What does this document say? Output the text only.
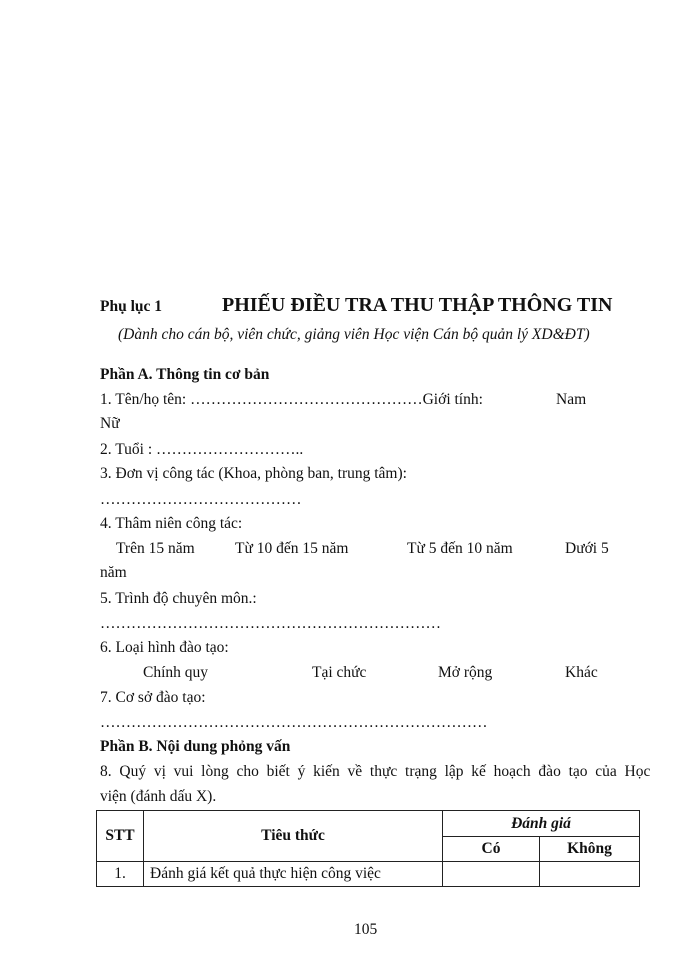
Phụ lục 1	PHIẾU ĐIỀU TRA THU THẬP THÔNG TIN
(Dành cho cán bộ, viên chức, giảng viên Học viện Cán bộ quản lý XD&ĐT)
Phần A. Thông tin cơ bản
1. Tên/họ tên: ………………………………………Giới tính:	Nam
Nữ
2. Tuổi : ………………………..
3. Đơn vị công tác (Khoa, phòng ban, trung tâm):
…………………………………
4. Thâm niên công tác:
Trên 15 năm	Từ 10 đến 15 năm	Từ 5 đến 10 năm	Dưới 5
năm
5. Trình độ chuyên môn.:
…………………………………………………………
6. Loại hình đào tạo:
Chính quy	Tại chức	Mở rộng	Khác
7. Cơ sở đào tạo:
…………………………………………………………………
Phần B. Nội dung phỏng vấn
8.  Quý  vị  vui  lòng  cho  biết  ý  kiến  về  thực  trạng  lập  kế  hoạch  đào  tạo  của  Học
viện (đánh dấu X).
STT	Tiêu thức	Đánh giá	
		Có	Không
1.	Đánh giá kết quả thực hiện công việc		
105
